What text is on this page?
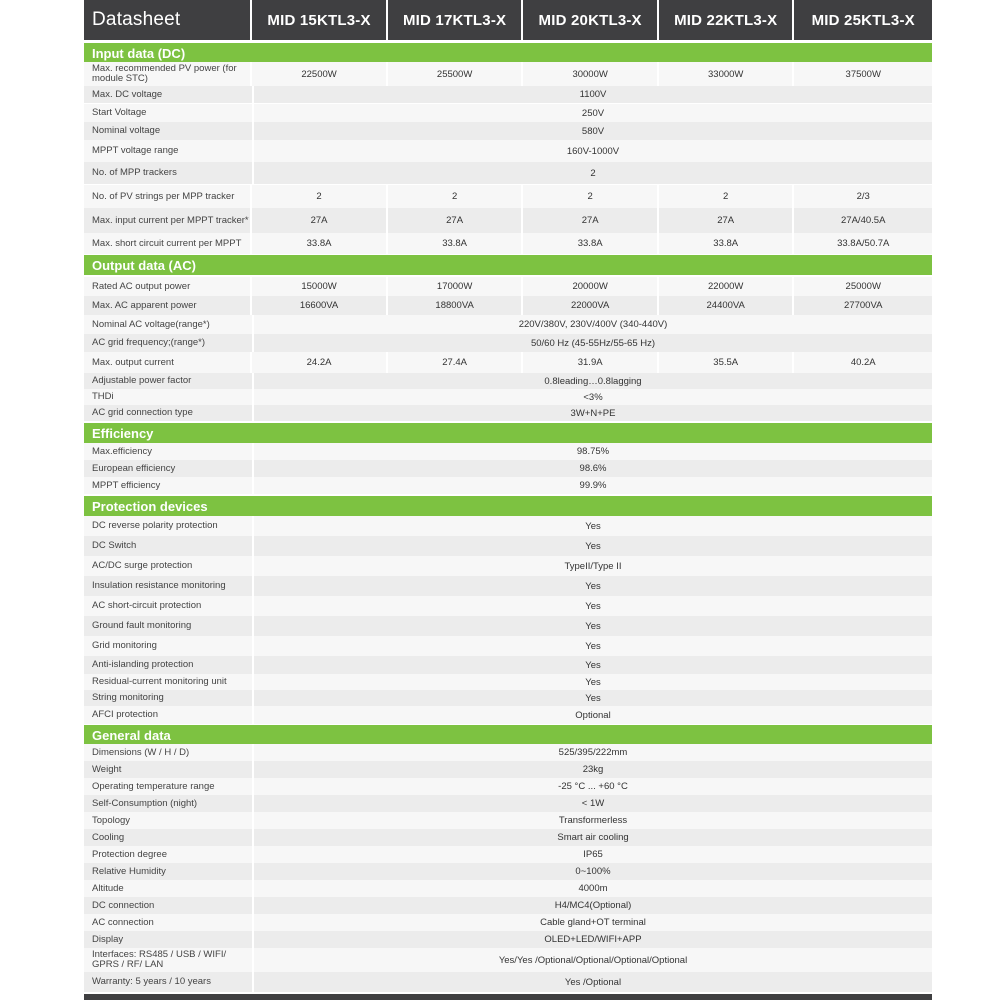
Datasheet	MID 15KTL3-X	MID 17KTL3-X	MID 20KTL3-X	MID 22KTL3-X	MID 25KTL3-X
Input data (DC)
Max. recommended PV power (for module STC)	22500W	25500W	30000W	33000W	37500W
Max. DC voltage	1100V
Start Voltage	250V
Nominal voltage	580V
MPPT voltage range	160V-1000V
No. of MPP trackers	2
No. of PV strings per MPP tracker	2	2	2	2	2/3
Max. input current per MPPT tracker*	27A	27A	27A	27A	27A/40.5A
Max. short circuit current per MPPT	33.8A	33.8A	33.8A	33.8A	33.8A/50.7A
Output data (AC)
Rated AC output power	15000W	17000W	20000W	22000W	25000W
Max. AC apparent power	16600VA	18800VA	22000VA	24400VA	27700VA
Nominal AC voltage(range*)	220V/380V, 230V/400V (340-440V)
AC grid frequency;(range*)	50/60 Hz (45-55Hz/55-65 Hz)
Max. output current	24.2A	27.4A	31.9A	35.5A	40.2A
Adjustable power factor	0.8leading…0.8lagging
THDi	<3%
AC grid connection type	3W+N+PE
Efficiency
Max.efficiency	98.75%
European efficiency	98.6%
MPPT efficiency	99.9%
Protection devices
DC reverse polarity protection	Yes
DC Switch	Yes
AC/DC surge protection	TypeII/Type II
Insulation resistance monitoring	Yes
AC short-circuit protection	Yes
Ground fault monitoring	Yes
Grid monitoring	Yes
Anti-islanding protection	Yes
Residual-current monitoring unit	Yes
String monitoring	Yes
AFCI protection	Optional
General data
Dimensions (W / H / D)	525/395/222mm
Weight	23kg
Operating temperature range	-25 °C ... +60 °C
Self-Consumption (night)	< 1W
Topology	Transformerless
Cooling	Smart air cooling
Protection degree	IP65
Relative Humidity	0~100%
Altitude	4000m
DC connection	H4/MC4(Optional)
AC connection	Cable gland+OT terminal
Display	OLED+LED/WIFI+APP
Interfaces: RS485 / USB / WIFI/ GPRS / RF/ LAN	Yes/Yes /Optional/Optional/Optional/Optional
Warranty: 5 years / 10 years	Yes /Optional
